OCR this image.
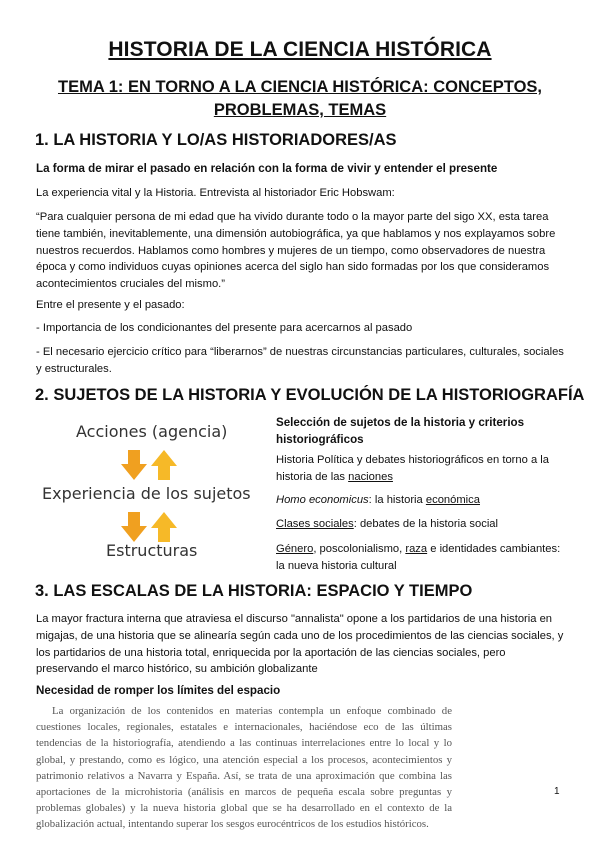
HISTORIA DE LA CIENCIA HISTÓRICA
TEMA 1: EN TORNO A LA CIENCIA HISTÓRICA: CONCEPTOS, PROBLEMAS, TEMAS
1. LA HISTORIA Y LO/AS HISTORIADORES/AS
La forma de mirar el pasado en relación con la forma de vivir y entender el presente
La experiencia vital y la Historia. Entrevista al historiador Eric Hobswam:
“Para cualquier persona de mi edad que ha vivido durante todo o la mayor parte del sigo XX, esta tarea tiene también, inevitablemente, una dimensión autobiográfica, ya que hablamos y nos explayamos sobre nuestros recuerdos. Hablamos como hombres y mujeres de un tiempo, como observadores de nuestra época y como individuos cuyas opiniones acerca del siglo han sido formadas por los que consideramos acontecimientos cruciales del mismo.”
Entre el presente y el pasado:
- Importancia de los condicionantes del presente para acercarnos al pasado
- El necesario ejercicio crítico para “liberarnos” de nuestras circunstancias particulares, culturales, sociales y estructurales.
2. SUJETOS DE LA HISTORIA Y EVOLUCIÓN DE LA HISTORIOGRAFÍA
Acciones (agencia)
Experiencia de los sujetos
Estructuras
Selección de sujetos de la historia y criterios historiográficos
Historia Política y debates historiográficos en torno a la historia de las naciones
Homo economicus: la historia económica
Clases sociales: debates de la historia social
Género, poscolonialismo, raza e identidades cambiantes: la nueva historia cultural
3. LAS ESCALAS DE LA HISTORIA: ESPACIO Y TIEMPO
La mayor fractura interna que atraviesa el discurso "annalista" opone a los partidarios de una historia en migajas, de una historia que se alinearía según cada uno de los procedimientos de las ciencias sociales, y los partidarios de una historia total, enriquecida por la aportación de las ciencias sociales, pero preservando el marco histórico, su ambición globalizante
Necesidad de romper los límites del espacio
La organización de los contenidos en materias contempla un enfoque combinado de cuestiones locales, regionales, estatales e internacionales, haciéndose eco de las últimas tendencias de la historiografía, atendiendo a las continuas interrelaciones entre lo local y lo global, y prestando, como es lógico, una atención especial a los procesos, acontecimientos y patrimonio relativos a Navarra y España. Así, se trata de una aproximación que combina las aportaciones de la microhistoria (análisis en marcos de pequeña escala sobre preguntas y problemas globales) y la nueva historia global que se ha desarrollado en el contexto de la globalización actual, intentando superar los sesgos eurocéntricos de los estudios históricos.
1
